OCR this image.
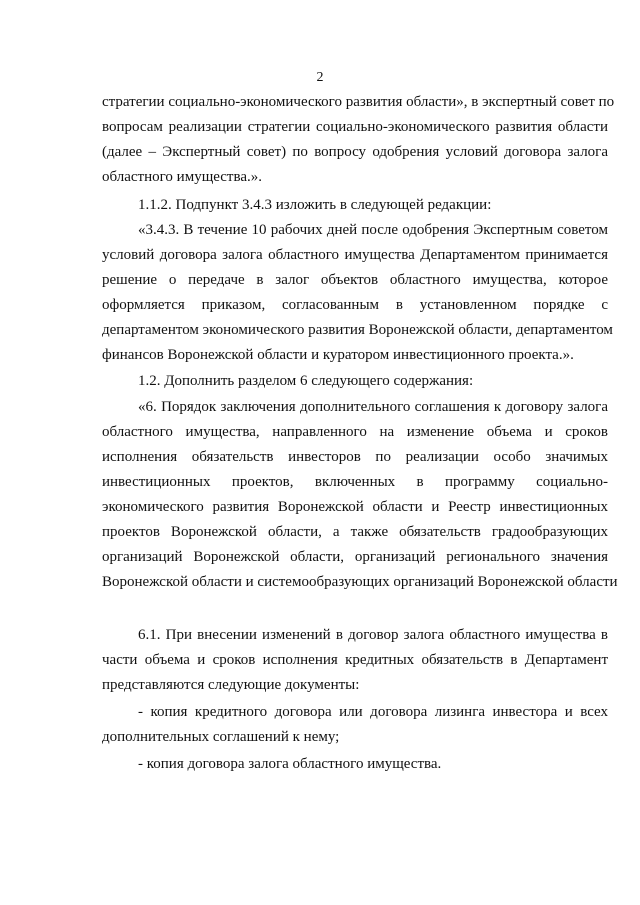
2
стратегии социально-экономического развития области», в экспертный совет по
вопросам реализации стратегии социально-экономического развития области
(далее – Экспертный совет) по вопросу одобрения условий договора залога
областного имущества.».
1.1.2. Подпункт 3.4.3 изложить в следующей редакции:
«3.4.3. В течение 10 рабочих дней после одобрения Экспертным советом
условий договора залога областного имущества Департаментом принимается
решение о передаче в залог объектов областного имущества, которое
оформляется приказом, согласованным в установленном порядке с
департаментом экономического развития Воронежской области, департаментом
финансов Воронежской области и куратором инвестиционного проекта.».
1.2. Дополнить разделом 6 следующего содержания:
«6. Порядок заключения дополнительного соглашения к договору залога
областного имущества, направленного на изменение объема и сроков
исполнения обязательств инвесторов по реализации особо значимых
инвестиционных проектов, включенных в программу социально-
экономического развития Воронежской области и Реестр инвестиционных
проектов Воронежской области, а также обязательств градообразующих
организаций Воронежской области, организаций регионального значения
Воронежской области и системообразующих организаций Воронежской области
6.1. При внесении изменений в договор залога областного имущества в
части объема и сроков исполнения кредитных обязательств в Департамент
представляются следующие документы:
- копия кредитного договора или договора лизинга инвестора и всех
дополнительных соглашений к нему;
- копия договора залога областного имущества.
